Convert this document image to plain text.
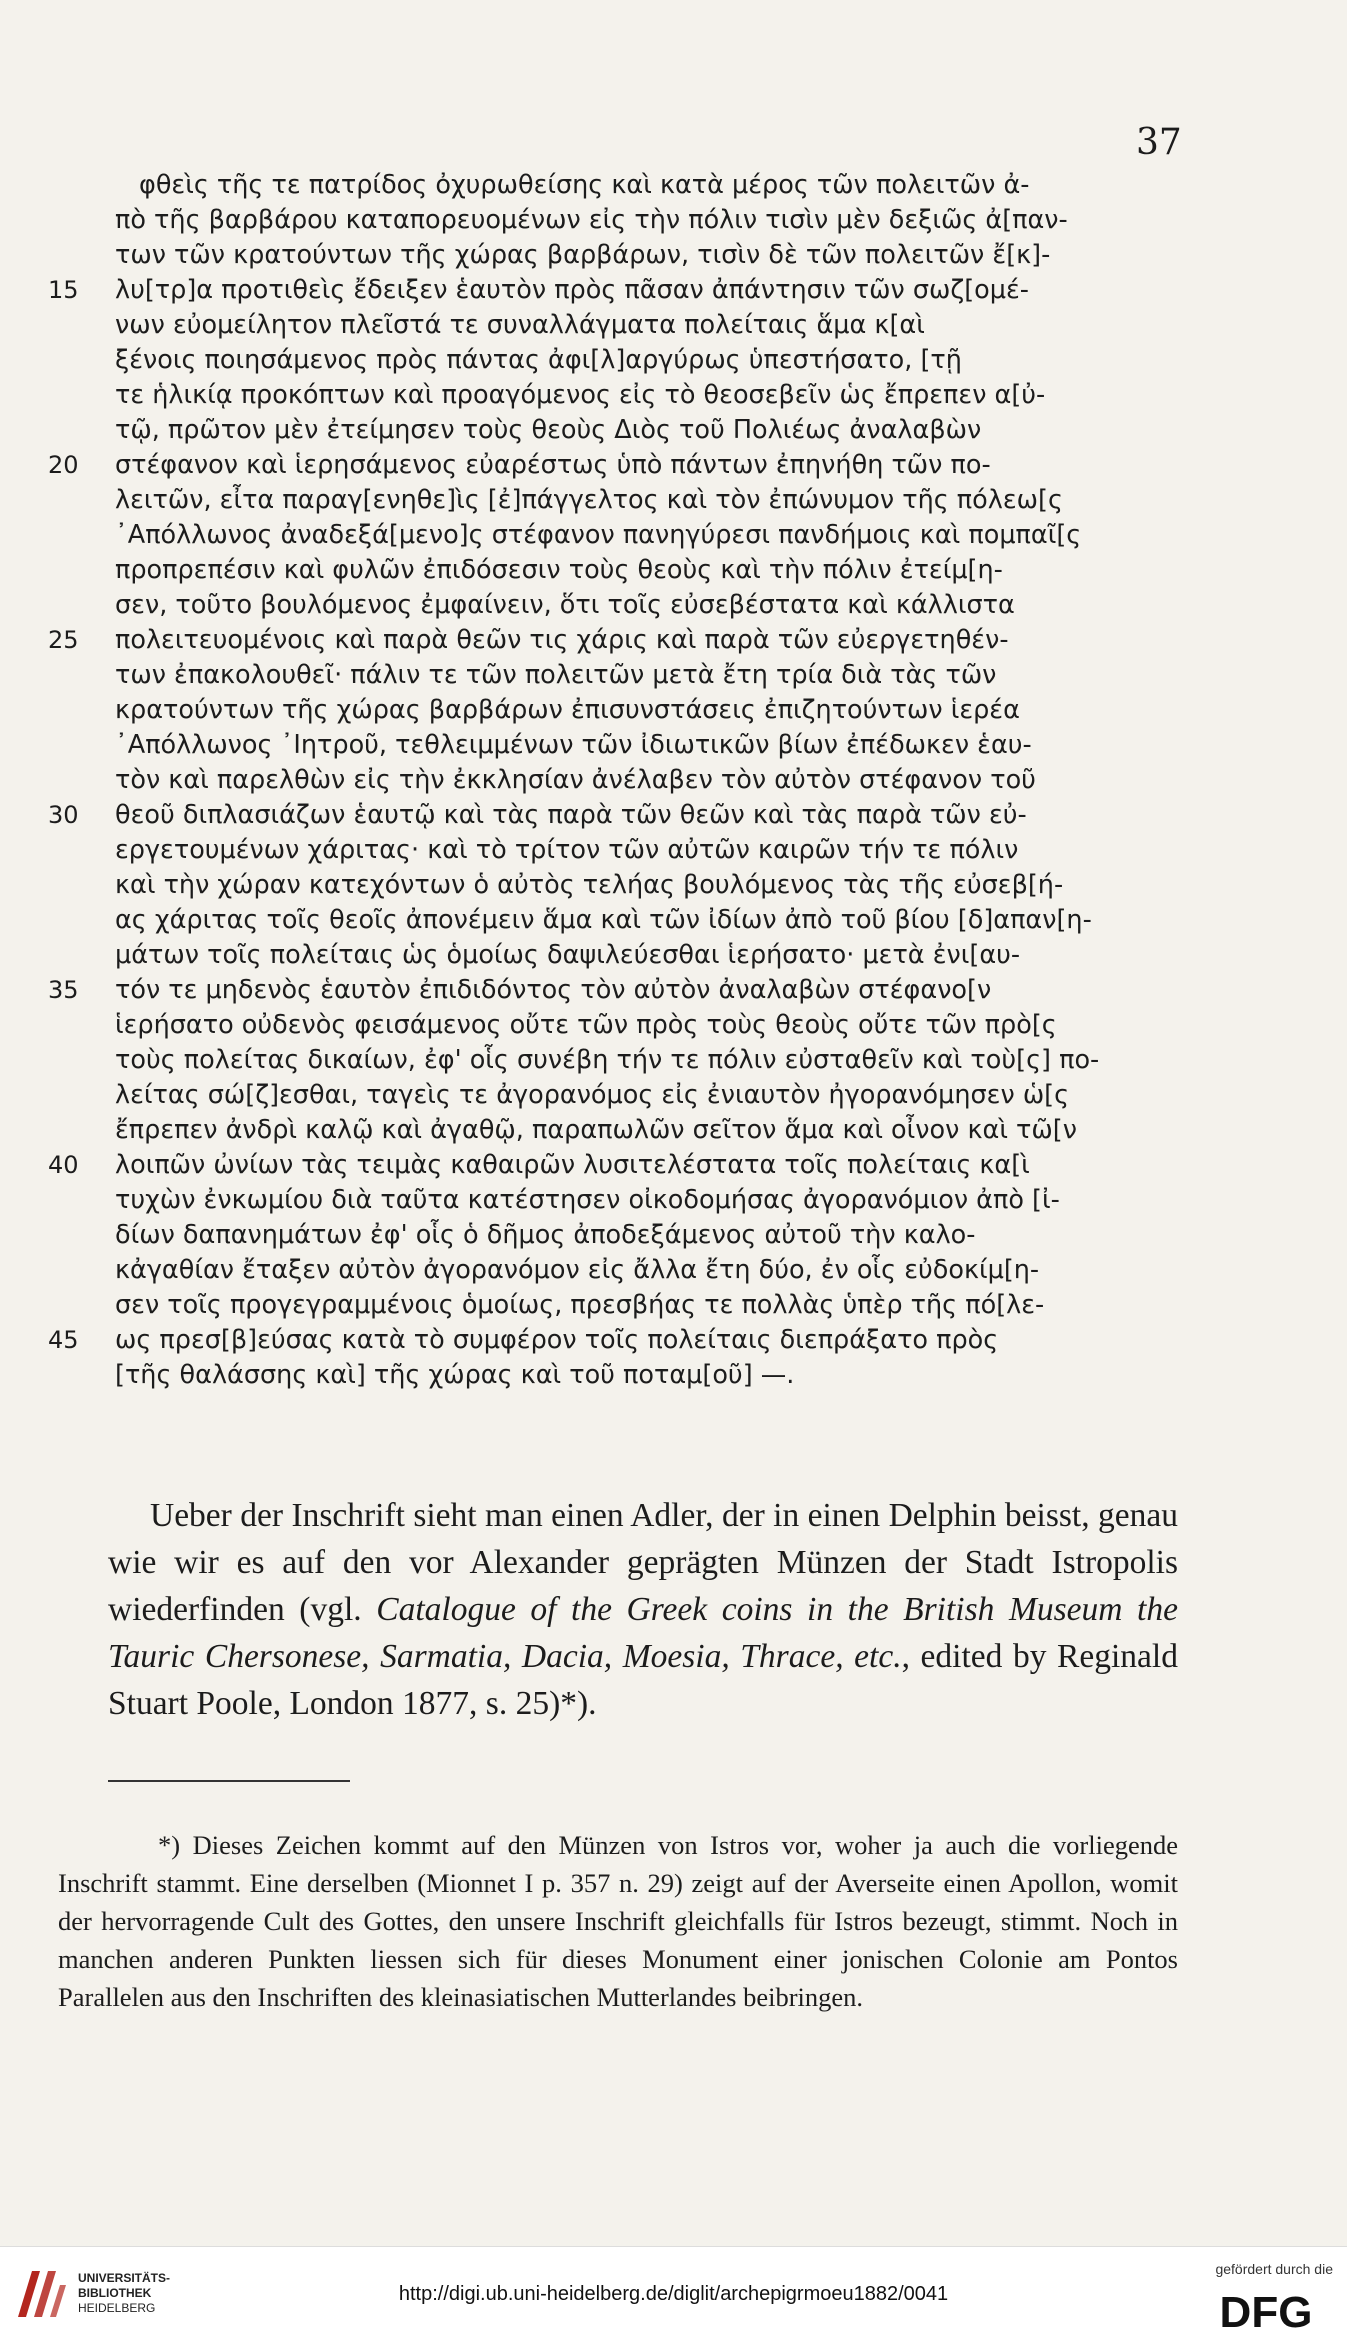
37
φθεὶς τῆς τε πατρίδος ὀχυρωθείσης καὶ κατὰ μέρος τῶν πολειτῶν ἀ-
πὸ τῆς βαρβάρου καταπορευομένων εἰς τὴν πόλιν τισὶν μὲν δεξιῶς ἀ[παν-
των τῶν κρατούντων τῆς χώρας βαρβάρων, τισὶν δὲ τῶν πολειτῶν ἔ[κ]-
15 λυ[τρ]α προτιθεὶς ἔδειξεν ἑαυτὸν πρὸς πᾶσαν ἀπάντησιν τῶν σωζ[ομέ-
νων εὐομείλητον πλεῖστά τε συναλλάγματα πολείταις ἅμα κ[αὶ
ξένοις ποιησάμενος πρὸς πάντας ἀφι[λ]αργύρως ὑπεστήσατο, [τῇ
τε ἡλικίᾳ προκόπτων καὶ προαγόμενος εἰς τὸ θεοσεβεῖν ὡς ἔπρεπεν α[ὐ-
τῷ, πρῶτον μὲν ἐτείμησεν τοὺς θεοὺς Διὸς τοῦ Πολιέως ἀναλαβὼν
20 στέφανον καὶ ἱερησάμενος εὐαρέστως ὑπὸ πάντων ἐπηνήθη τῶν πο-
λειτῶν, εἶτα παραγ[ενηθε]ὶς [ἐ]πάγγελτος καὶ τὸν ἐπώνυμον τῆς πόλεω[ς
᾿Απόλλωνος ἀναδεξά[μενο]ς στέφανον πανηγύρεσι πανδήμοις καὶ πομπαῖ[ς
προπρεπέσιν καὶ φυλῶν ἐπιδόσεσιν τοὺς θεοὺς καὶ τὴν πόλιν ἐτείμ[η-
σεν, τοῦτο βουλόμενος ἐμφαίνειν, ὅτι τοῖς εὐσεβέστατα καὶ κάλλιστα
25 πολειτευομένοις καὶ παρὰ θεῶν τις χάρις καὶ παρὰ τῶν εὐεργετηθέν-
των ἐπακολουθεῖ· πάλιν τε τῶν πολειτῶν μετὰ ἔτη τρία διὰ τὰς τῶν
κρατούντων τῆς χώρας βαρβάρων ἐπισυνστάσεις ἐπιζητούντων ἱερέα
᾿Απόλλωνος ᾿Ιητροῦ, τεθλειμμένων τῶν ἰδιωτικῶν βίων ἐπέδωκεν ἑαυ-
τὸν καὶ παρελθὼν εἰς τὴν ἐκκλησίαν ἀνέλαβεν τὸν αὐτὸν στέφανον τοῦ
30 θεοῦ διπλασιάζων ἑαυτῷ καὶ τὰς παρὰ τῶν θεῶν καὶ τὰς παρὰ τῶν εὐ-
εργετουμένων χάριτας· καὶ τὸ τρίτον τῶν αὐτῶν καιρῶν τήν τε πόλιν
καὶ τὴν χώραν κατεχόντων ὁ αὐτὸς τελήας βουλόμενος τὰς τῆς εὐσεβ[ή-
ας χάριτας τοῖς θεοῖς ἀπονέμειν ἅμα καὶ τῶν ἰδίων ἀπὸ τοῦ βίου [δ]απαν[η-
μάτων τοῖς πολείταις ὡς ὁμοίως δαψιλεύεσθαι ἱερήσατο· μετὰ ἐνι[αυ-
35 τόν τε μηδενὸς ἑαυτὸν ἐπιδιδόντος τὸν αὐτὸν ἀναλαβὼν στέφανο[ν
ἱερήσατο οὐδενὸς φεισάμενος οὔτε τῶν πρὸς τοὺς θεοὺς οὔτε τῶν πρὸ[ς
τοὺς πολείτας δικαίων, ἐφ' οἷς συνέβη τήν τε πόλιν εὐσταθεῖν καὶ τοὺ[ς] πο-
λείτας σώ[ζ]εσθαι, ταγεὶς τε ἀγορανόμος εἰς ἐνιαυτὸν ἠγορανόμησεν ὡ[ς
ἔπρεπεν ἀνδρὶ καλῷ καὶ ἀγαθῷ, παραπωλῶν σεῖτον ἅμα καὶ οἶνον καὶ τῶ[ν
40 λοιπῶν ὠνίων τὰς τειμὰς καθαιρῶν λυσιτελέστατα τοῖς πολείταις κα[ὶ
τυχὼν ἐνκωμίου διὰ ταῦτα κατέστησεν οἰκοδομήσας ἀγορανόμιον ἀπὸ [ἰ-
δίων δαπανημάτων ἐφ' οἷς ὁ δῆμος ἀποδεξάμενος αὐτοῦ τὴν καλο-
κἀγαθίαν ἔταξεν αὐτὸν ἀγορανόμον εἰς ἄλλα ἔτη δύο, ἐν οἷς εὐδοκίμ[η-
σεν τοῖς προγεγραμμένοις ὁμοίως, πρεσβήας τε πολλὰς ὑπὲρ τῆς πό[λε-
45 ως πρεσ[β]εύσας κατὰ τὸ συμφέρον τοῖς πολείταις διεπράξατο πρὸς
[τῆς θαλάσσης καὶ] τῆς χώρας καὶ τοῦ ποταμ[οῦ] —.
Ueber der Inschrift sieht man einen Adler, der in einen Delphin beisst, genau wie wir es auf den vor Alexander geprägten Münzen der Stadt Istropolis wiederfinden (vgl. Catalogue of the Greek coins in the British Museum the Tauric Chersonese, Sarmatia, Dacia, Moesia, Thrace, etc., edited by Reginald Stuart Poole, London 1877, s. 25)*).
*) Dieses Zeichen kommt auf den Münzen von Istros vor, woher ja auch die vorliegende Inschrift stammt. Eine derselben (Mionnet I p. 357 n. 29) zeigt auf der Averseite einen Apollon, womit der hervorragende Cult des Gottes, den unsere Inschrift gleichfalls für Istros bezeugt, stimmt. Noch in manchen anderen Punkten liessen sich für dieses Monument einer jonischen Colonie am Pontos Parallelen aus den Inschriften des kleinasiatischen Mutterlandes beibringen.
UNIVERSITÄTS-
BIBLIOTHEK
HEIDELBERG
http://digi.ub.uni-heidelberg.de/diglit/archepigrmoeu1882/0041
gefördert durch die
DFG
